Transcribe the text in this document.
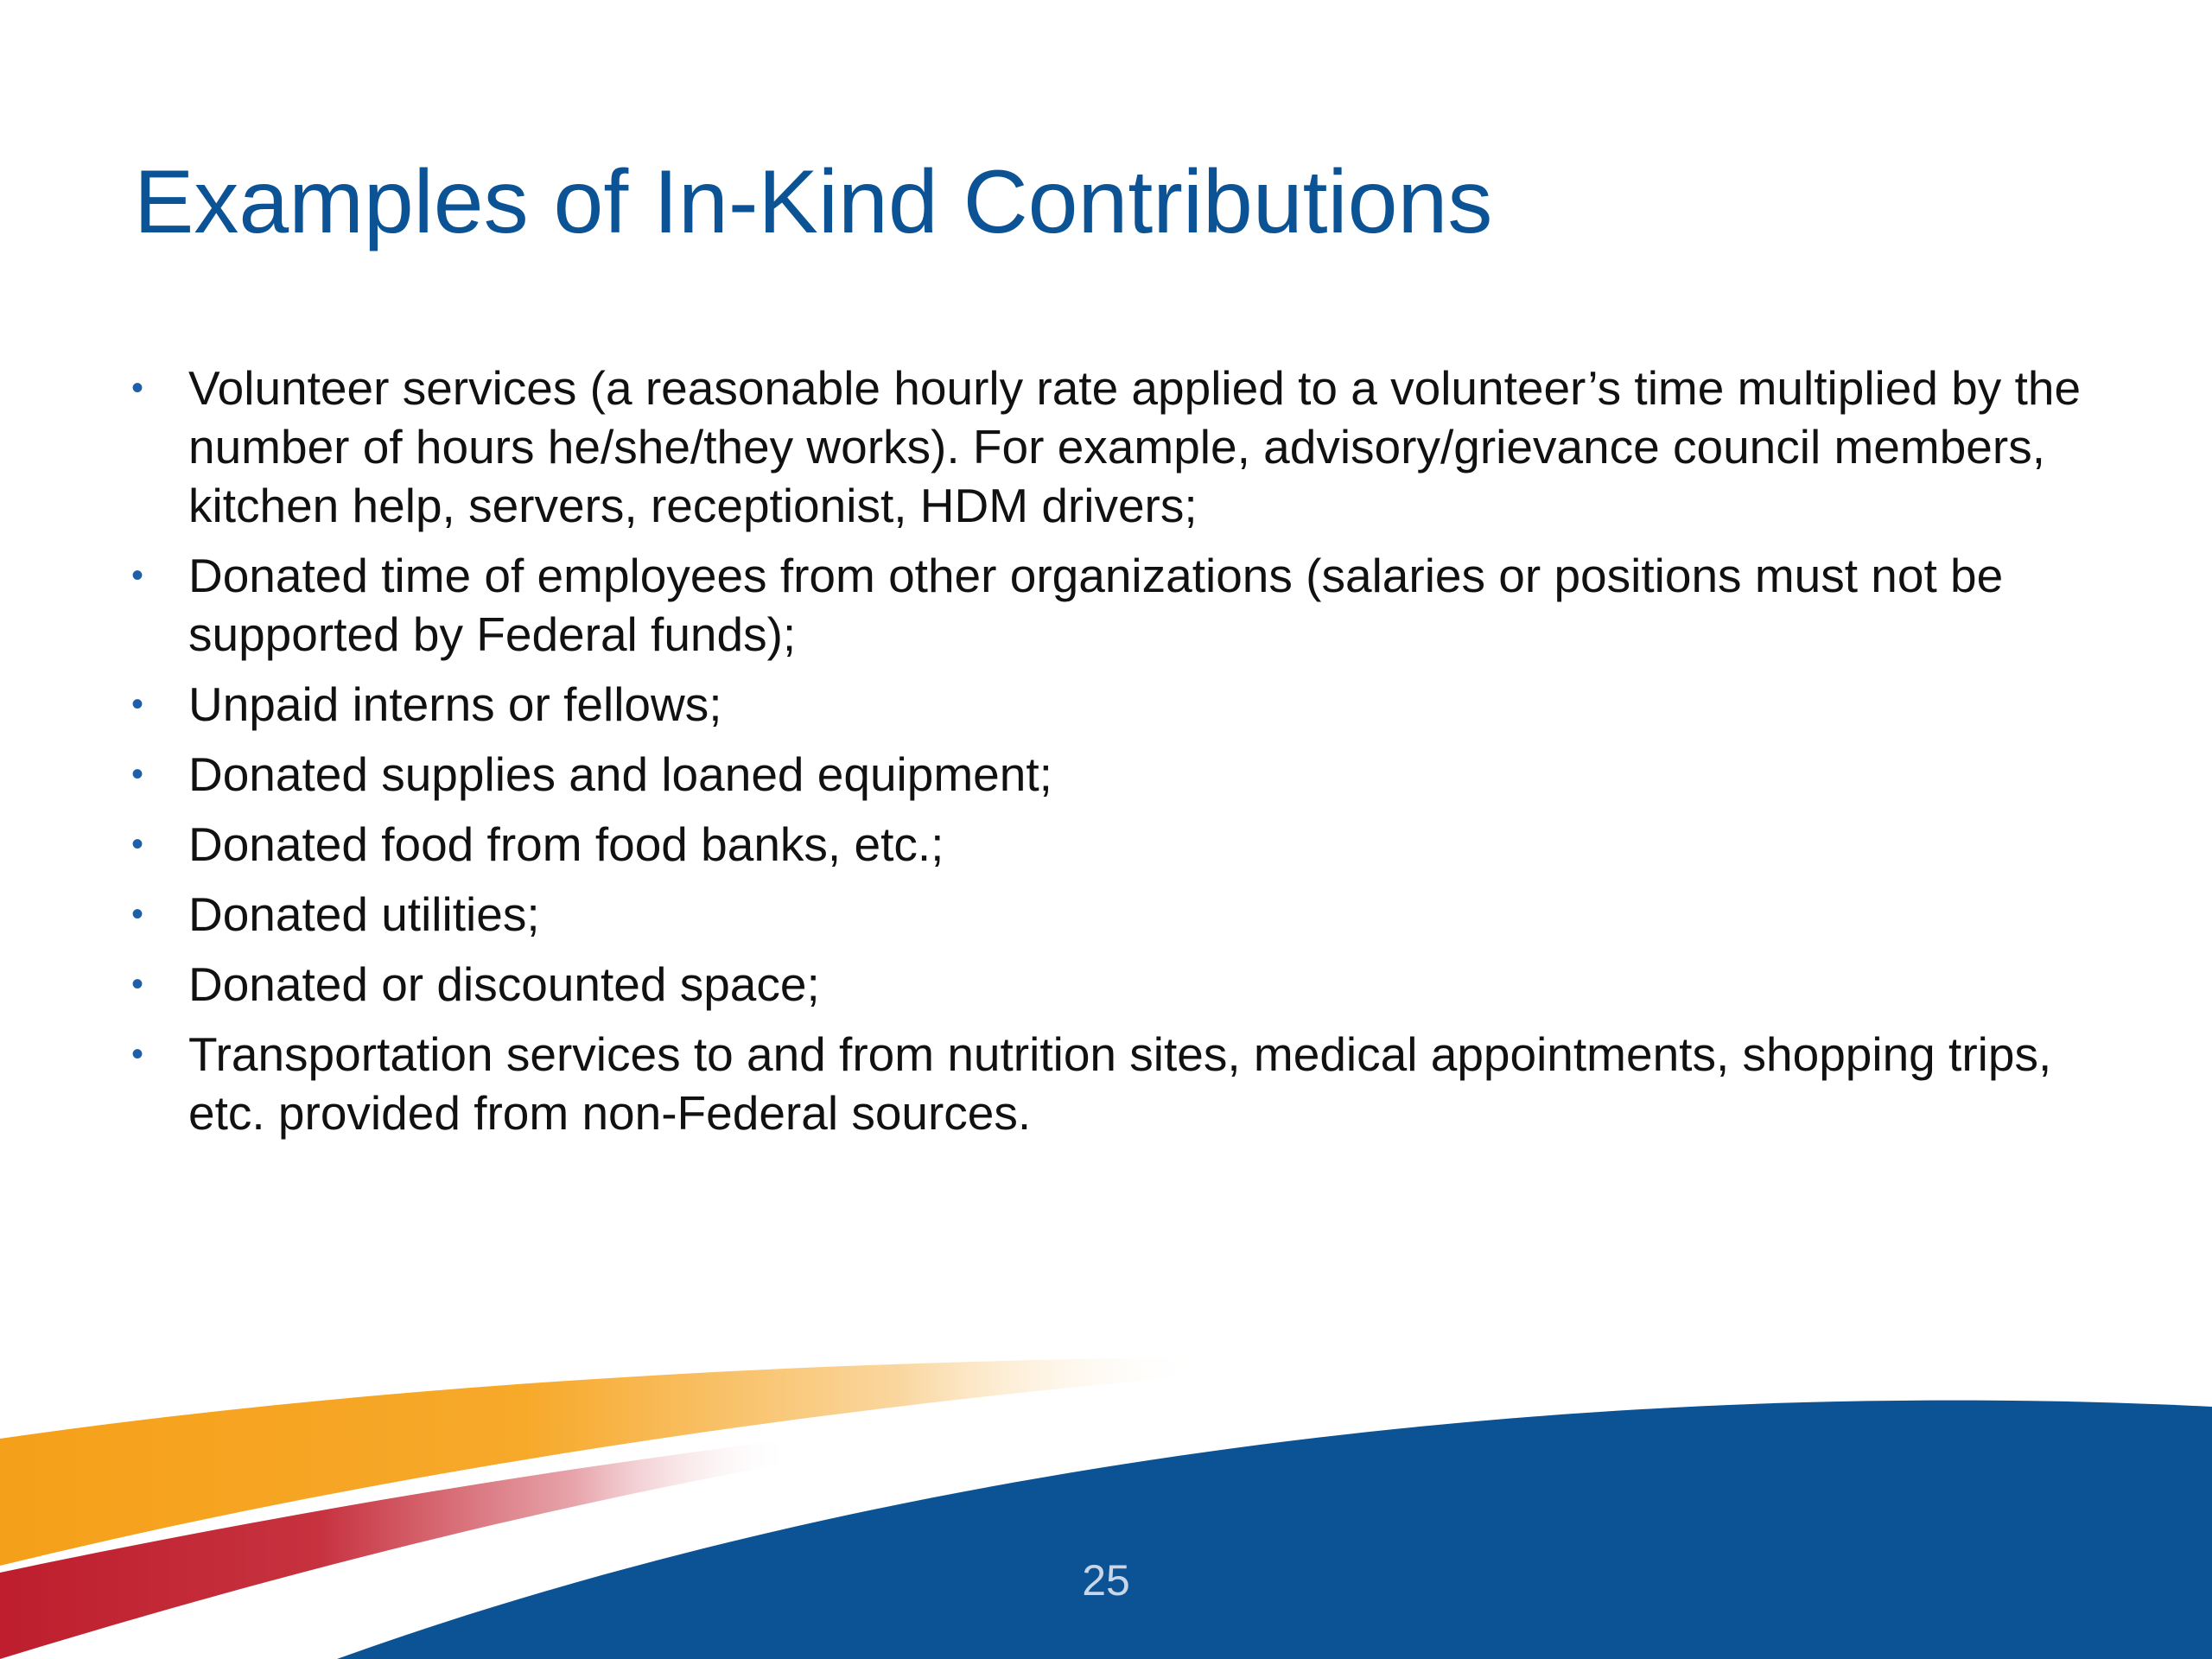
Examples of In-Kind Contributions
• Volunteer services (a reasonable hourly rate applied to a volunteer’s time multiplied by the number of hours he/she/they works). For example, advisory/grievance council members, kitchen help, servers, receptionist, HDM drivers;
• Donated time of employees from other organizations (salaries or positions must not be supported by Federal funds);
• Unpaid interns or fellows;
• Donated supplies and loaned equipment;
• Donated food from food banks, etc.;
• Donated utilities;
• Donated or discounted space;
• Transportation services to and from nutrition sites, medical appointments, shopping trips, etc. provided from non-Federal sources.
25
